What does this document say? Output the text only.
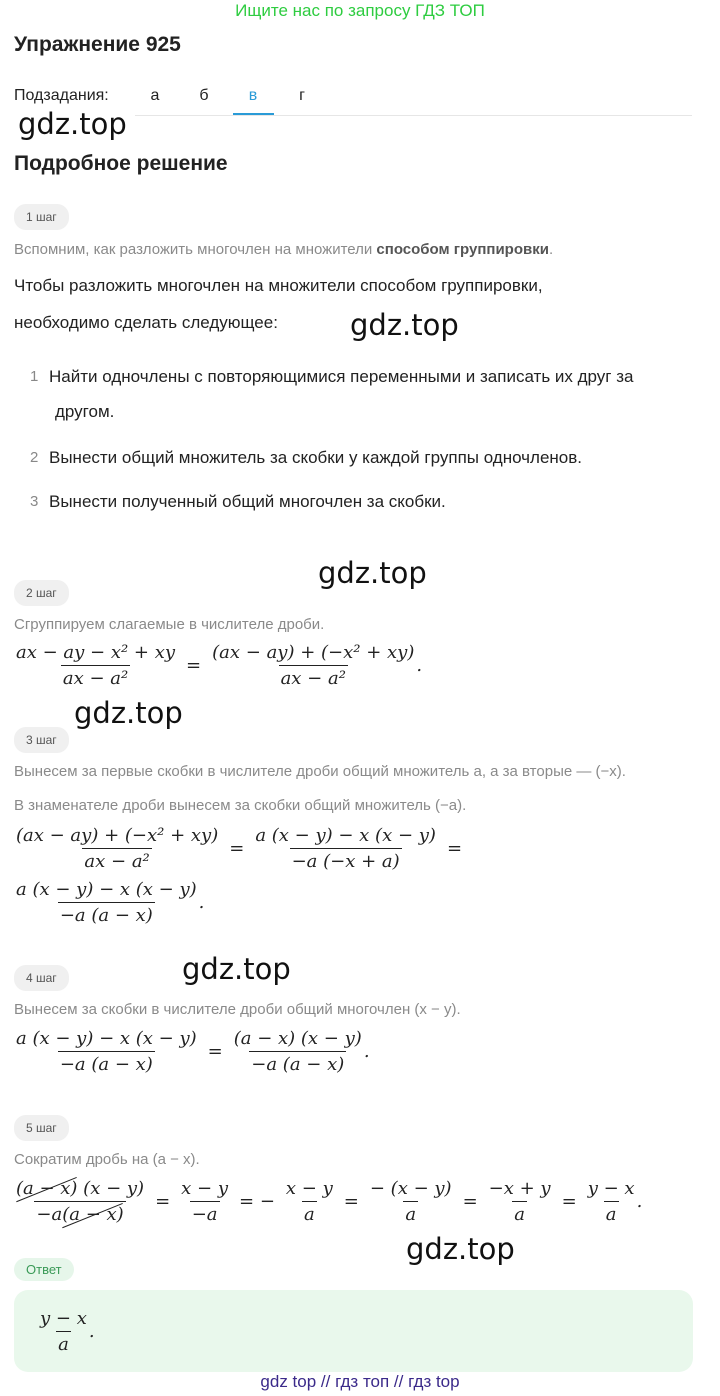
Ищите нас по запросу ГДЗ ТОП
Упражнение 925
Подзадания:	а	б	в	г
gdz.top
Подробное решение
1 шаг
Вспомним, как разложить многочлен на множители способом группировки.
Чтобы разложить многочлен на множители способом группировки,
необходимо сделать следующее: gdz.top
1 Найти одночлены с повторяющимися переменными и записать их друг за
другом.
2 Вынести общий множитель за скобки у каждой группы одночленов.
3 Вынести полученный общий многочлен за скобки.
gdz.top
2 шаг
Сгруппируем слагаемые в числителе дроби.
$\frac{\text{ax − ay − x² + xy}}{\text{ax − a²}} = \frac{\text{(ax − ay) + (−x² + xy)}}{\text{ax − a²}}$ .
gdz.top
3 шаг
Вынесем за первые скобки в числителе дроби общий множитель a, а за вторые — (−x).
В знаменателе дроби вынесем за скобки общий множитель (−a).
$\frac{\text{(ax − ay) + (−x² + xy)}}{\text{ax − a²}} = \frac{a (x - y) - x (x - y)}{-a (-x + a)}$ =
$\frac{a (x - y) - x (x - y)}{-a (a - x)}$ .
gdz.top
4 шаг
Вынесем за скобки в числителе дроби общий многочлен (x − y).
$\frac{a (x - y) - x (x - y)}{-a (a - x)} = \frac{(a - x) (x - y)}{-a (a - x)}$ .
5 шаг
Сократим дробь на (a − x).
$\frac{(a - x) (x - y)}{-a(a - x)} = \frac{x - y}{-a}$ = − $\frac{x - y}{a} = \frac{- (x - y)}{a} = \frac{-x + y}{a} = \frac{y - x}{a}$ .
gdz.top
Ответ
$\frac{y - x}{a}$ .
gdz top // гдз топ // гдз top
